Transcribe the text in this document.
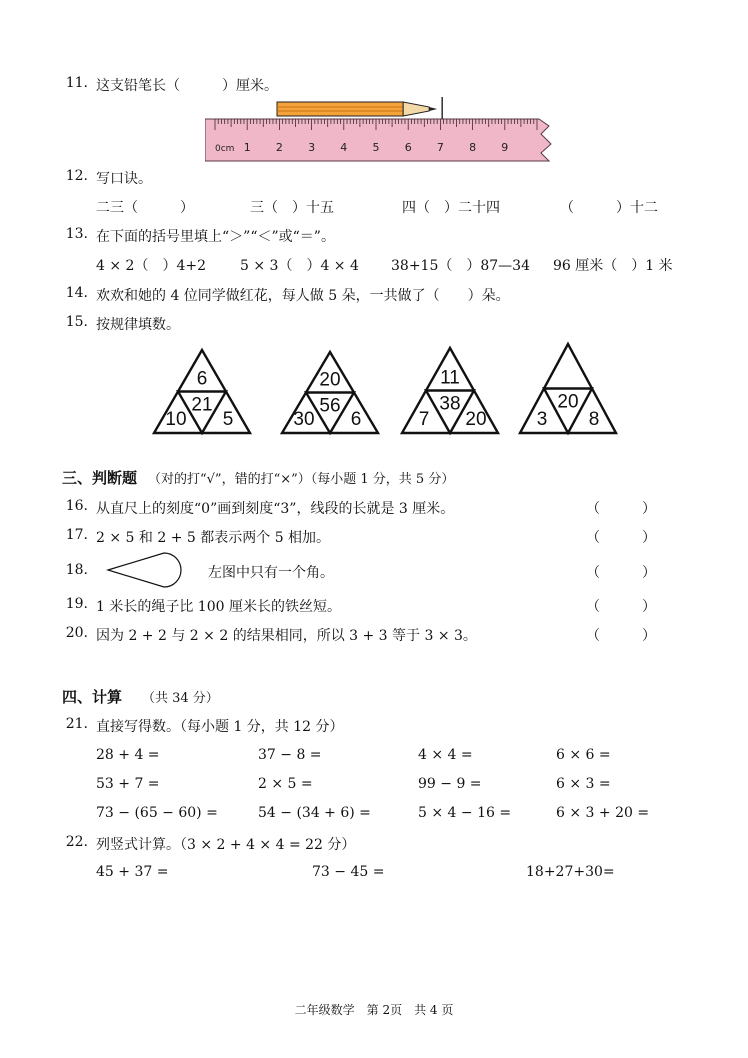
11. 这支铅笔长（　　　）厘米。
0cm 1 2 3 4 5 6 7 8 9
12. 写口诀。
二三（　　　）	三（　）十五	四（　）二十四	（　　　）十二
13. 在下面的括号里填上“＞”“＜”或“＝”。
4 × 2（　）4+2 5 × 3（　）4 × 4 38+15（　）87—34 96 厘米（　）1 米
14. 欢欢和她的 4 位同学做红花，每人做 5 朵，一共做了（　　）朵。
15. 按规律填数。
6
21
10 5
20
56
30 6
11
38
7 20
20
3 8
三、判断题 （对的打“√”，错的打“×”）（每小题 1 分，共 5 分）
16. 从直尺上的刻度“0”画到刻度“3”，线段的长就是 3 厘米。	（　　　）
17. 2 × 5 和 2 + 5 都表示两个 5 相加。	（　　　）
18.	左图中只有一个角。	（　　　）
19. 1 米长的绳子比 100 厘米长的铁丝短。	（　　　）
20. 因为 2 + 2 与 2 × 2 的结果相同，所以 3 + 3 等于 3 × 3。	（　　　）
四、计算 （共 34 分）
21. 直接写得数。（每小题 1 分，共 12 分）
28 + 4 =	37 − 8 =	4 × 4 =	6 × 6 =
53 + 7 =	2 × 5 =	99 − 9 =	6 × 3 =
73 − (65 − 60) =	54 − (34 + 6) =	5 × 4 − 16 =	6 × 3 + 20 =
22. 列竖式计算。（3 × 2 + 4 × 4 = 22 分）
45 + 37 =	73 − 45 =	18+27+30=
二年级数学　第 2页　共 4 页
